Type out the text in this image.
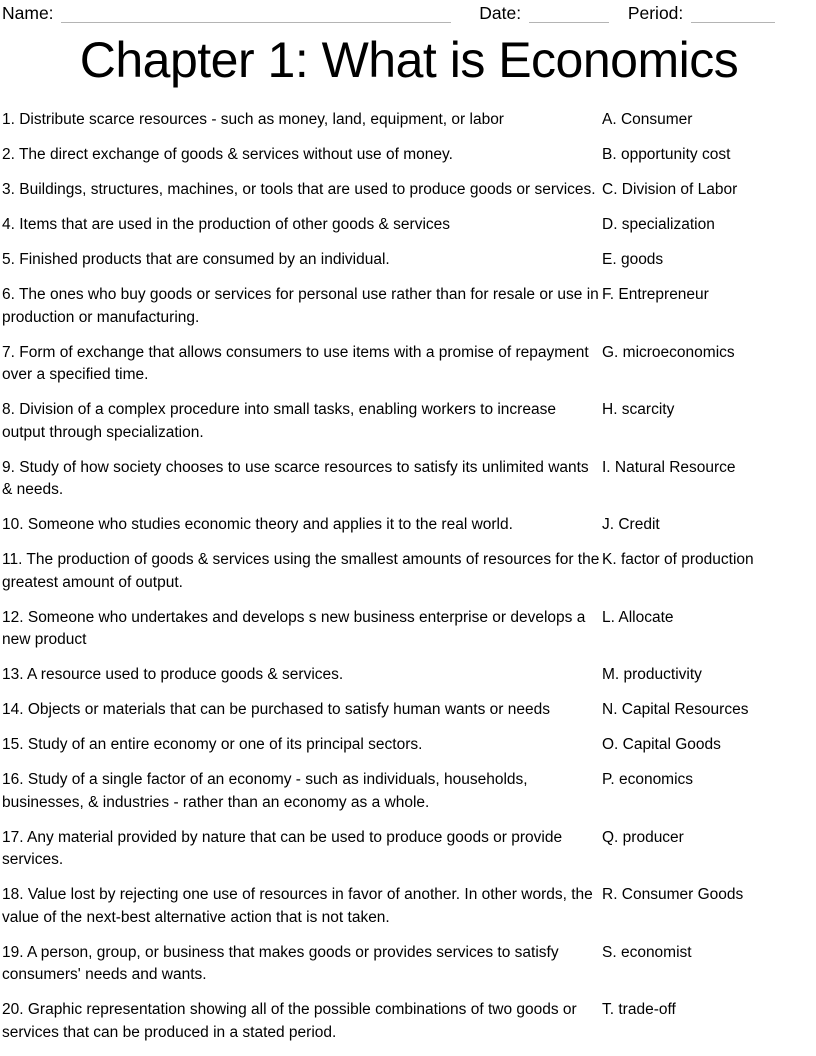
Name:	Date:	Period:
Chapter 1: What is Economics
1. Distribute scarce resources - such as money, land, equipment, or labor	A. Consumer
2. The direct exchange of goods & services without use of money.	B. opportunity cost
3. Buildings, structures, machines, or tools that are used to produce goods or services. C. Division of Labor
4. Items that are used in the production of other goods & services	D. specialization
5. Finished products that are consumed by an individual.	E. goods
6. The ones who buy goods or services for personal use rather than for resale or use in production or manufacturing.
F. Entrepreneur
7. Form of exchange that allows consumers to use items with a promise of repayment over a specified time.
G. microeconomics
8. Division of a complex procedure into small tasks, enabling workers to increase output through specialization.
H. scarcity
9. Study of how society chooses to use scarce resources to satisfy its unlimited wants & needs.
I. Natural Resource
10. Someone who studies economic theory and applies it to the real world.	J. Credit
11. The production of goods & services using the smallest amounts of resources for the greatest amount of output.
K. factor of production
12. Someone who undertakes and develops s new business enterprise or develops a new product
L. Allocate
13. A resource used to produce goods & services.	M. productivity
14. Objects or materials that can be purchased to satisfy human wants or needs	N. Capital Resources
15. Study of an entire economy or one of its principal sectors.	O. Capital Goods
16. Study of a single factor of an economy - such as individuals, households, businesses, & industries - rather than an economy as a whole.
P. economics
17. Any material provided by nature that can be used to produce goods or provide services.
Q. producer
18. Value lost by rejecting one use of resources in favor of another. In other words, the value of the next-best alternative action that is not taken.
R. Consumer Goods
19. A person, group, or business that makes goods or provides services to satisfy consumers' needs and wants.
S. economist
20. Graphic representation showing all of the possible combinations of two goods or services that can be produced in a stated period.
T. trade-off
